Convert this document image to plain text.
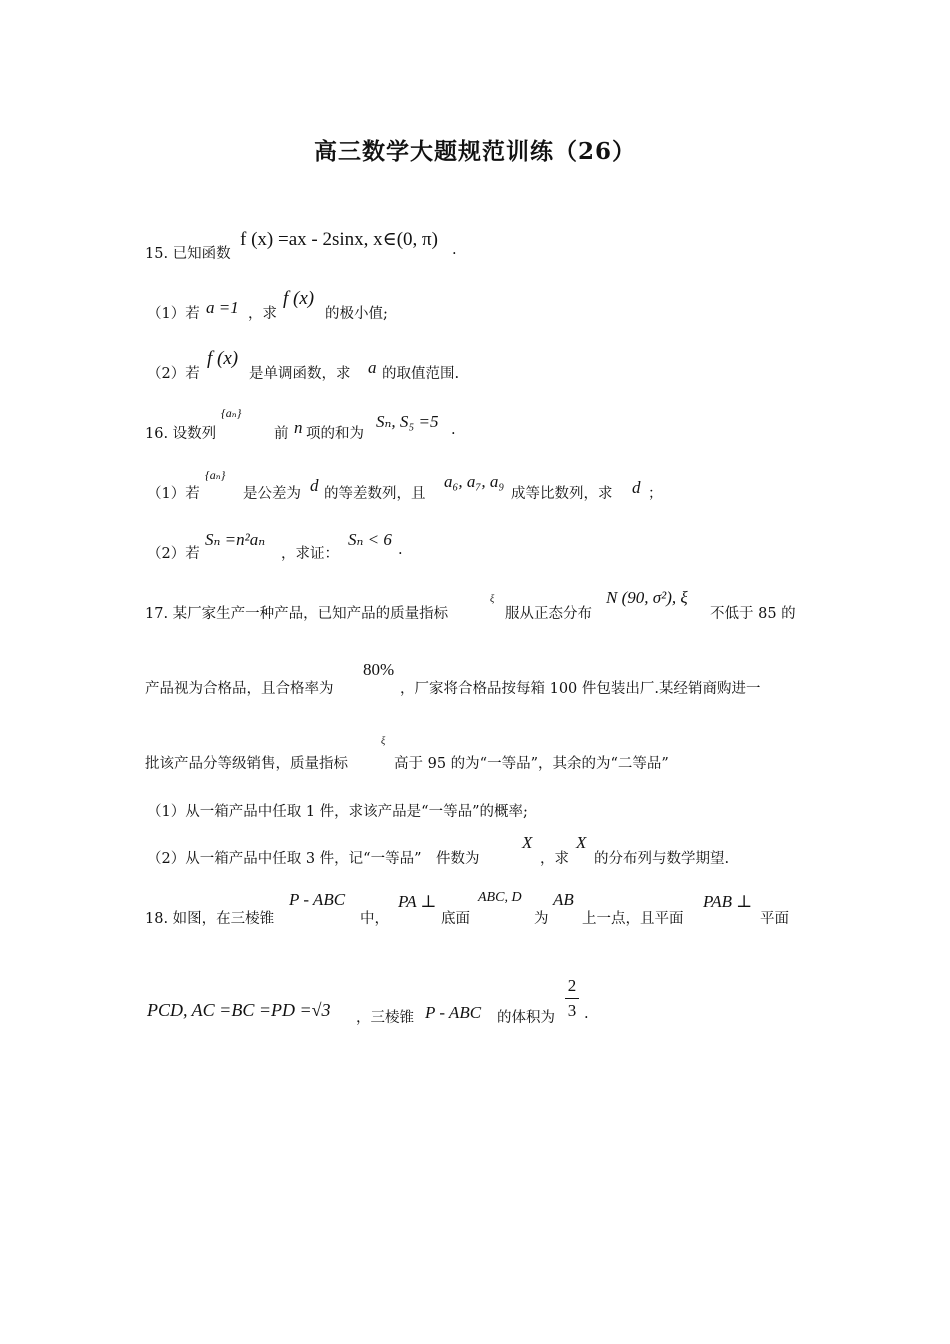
高三数学大题规范训练（26）
15. 已知函数
f (x) =ax - 2sinx, x∈(0, π) .
（1）若 a =1 ，求
f (x)
的极小值;
（2）若
f (x)
是单调函数，求 a 的取值范围.
16. 设数列
{aₙ}
前 n 项的和为
Sₙ, S₅ =5 .
（1）若
{aₙ}
是公差为 d 的等差数列，且
a₆, a₇, a₉
成等比数列，求 d ；
（2）若
Sₙ =n²aₙ
，求证：
Sₙ < 6
.
17. 某厂家生产一种产品，已知产品的质量指标
ξ
服从正态分布
N (90, σ²), ξ
不低于 85 的
产品视为合格品，且合格率为
80%
，厂家将合格品按每箱 100 件包装出厂.某经销商购进一
批该产品分等级销售，质量指标
ξ
高于 95 的为“一等品”，其余的为“二等品”
（1）从一箱产品中任取 1 件，求该产品是“一等品”的概率;
（2）从一箱产品中任取 3 件，记“一等品”　件数为
X
，求
X
的分布列与数学期望.
18. 如图，在三棱锥
P - ABC
中，
PA ⊥
底面
ABC, D
为
AB
上一点，且平面
PAB ⊥
平面
PCD, AC =BC =PD =√3 ，三棱锥 P - ABC 的体积为
2
3 .
